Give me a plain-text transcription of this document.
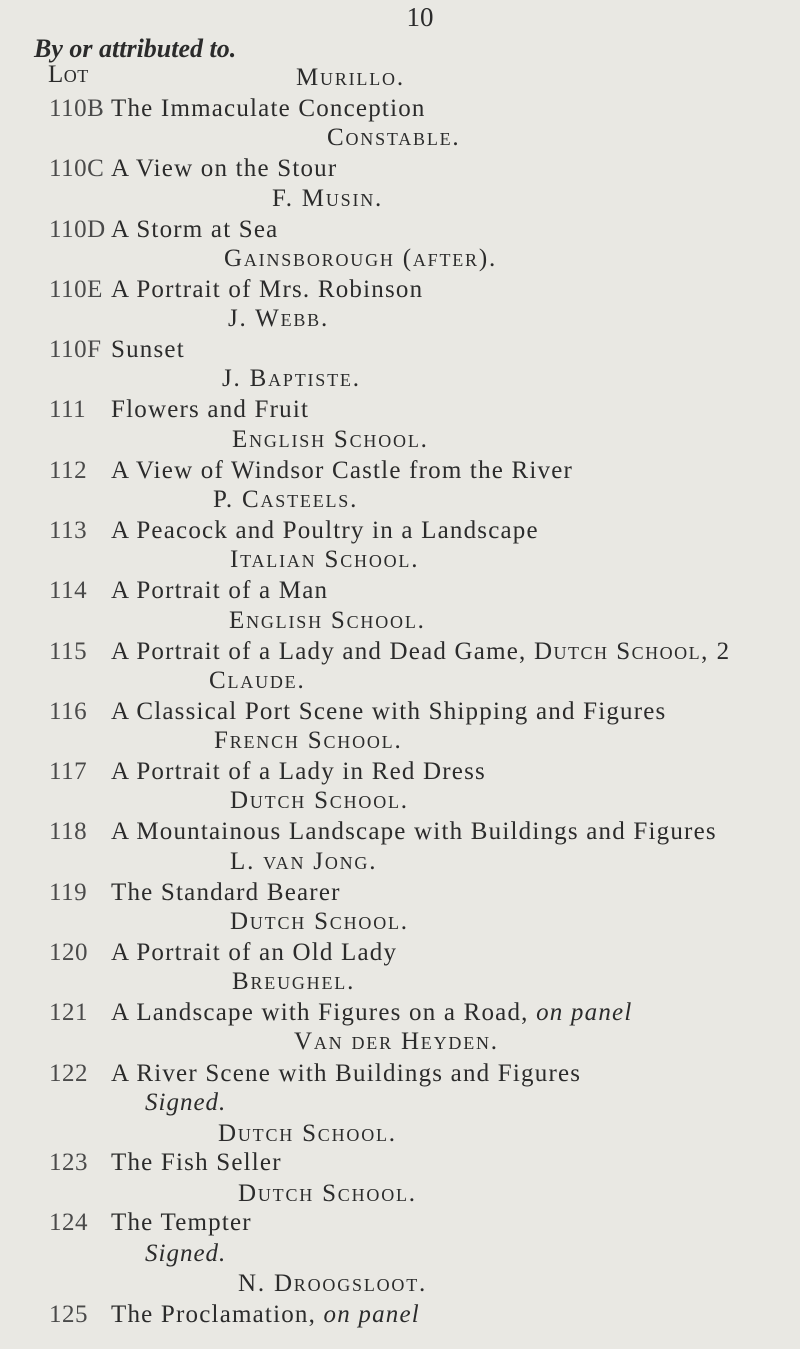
10
By or attributed to.
Lot	Murillo.
110B The Immaculate Conception
Constable.
110C A View on the Stour
F. Musin.
110D A Storm at Sea
Gainsborough (after).
110E A Portrait of Mrs. Robinson
J. Webb.
110F Sunset
J. Baptiste.
111 Flowers and Fruit
English School.
112 A View of Windsor Castle from the River
P. Casteels.
113 A Peacock and Poultry in a Landscape
Italian School.
114 A Portrait of a Man
English School.
115 A Portrait of a Lady and Dead Game, Dutch School, 2
Claude.
116 A Classical Port Scene with Shipping and Figures
French School.
117 A Portrait of a Lady in Red Dress
Dutch School.
118 A Mountainous Landscape with Buildings and Figures
L. van Jong.
119 The Standard Bearer
Dutch School.
120 A Portrait of an Old Lady
Breughel.
121 A Landscape with Figures on a Road, on panel
Van der Heyden.
122 A River Scene with Buildings and Figures
Signed.
Dutch School.
123 The Fish Seller
Dutch School.
124 The Tempter
Signed.
N. Droogsloot.
125 The Proclamation, on panel
